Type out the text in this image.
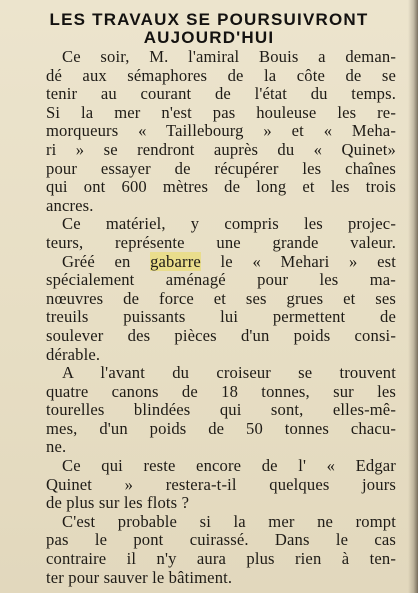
LES TRAVAUX SE POURSUIVRONT
AUJOURD'HUI
Ce soir, M. l'amiral Bouis a deman-
dé aux sémaphores de la côte de se
tenir au courant de l'état du temps.
Si la mer n'est pas houleuse les re-
morqueurs « Taillebourg » et « Meha-
ri » se rendront auprès du « Quinet»
pour essayer de récupérer les chaînes
qui ont 600 mètres de long et les trois
ancres.
Ce matériel, y compris les projec-
teurs, représente une grande valeur.
Gréé en gabarre le « Mehari » est
spécialement aménagé pour les ma-
nœuvres de force et ses grues et ses
treuils puissants lui permettent de
soulever des pièces d'un poids consi-
dérable.
A l'avant du croiseur se trouvent
quatre canons de 18 tonnes, sur les
tourelles blindées qui sont, elles-mê-
mes, d'un poids de 50 tonnes chacu-
ne.
Ce qui reste encore de l' « Edgar
Quinet » restera-t-il quelques jours
de plus sur les flots ?
C'est probable si la mer ne rompt
pas le pont cuirassé. Dans le cas
contraire il n'y aura plus rien à ten-
ter pour sauver le bâtiment.
